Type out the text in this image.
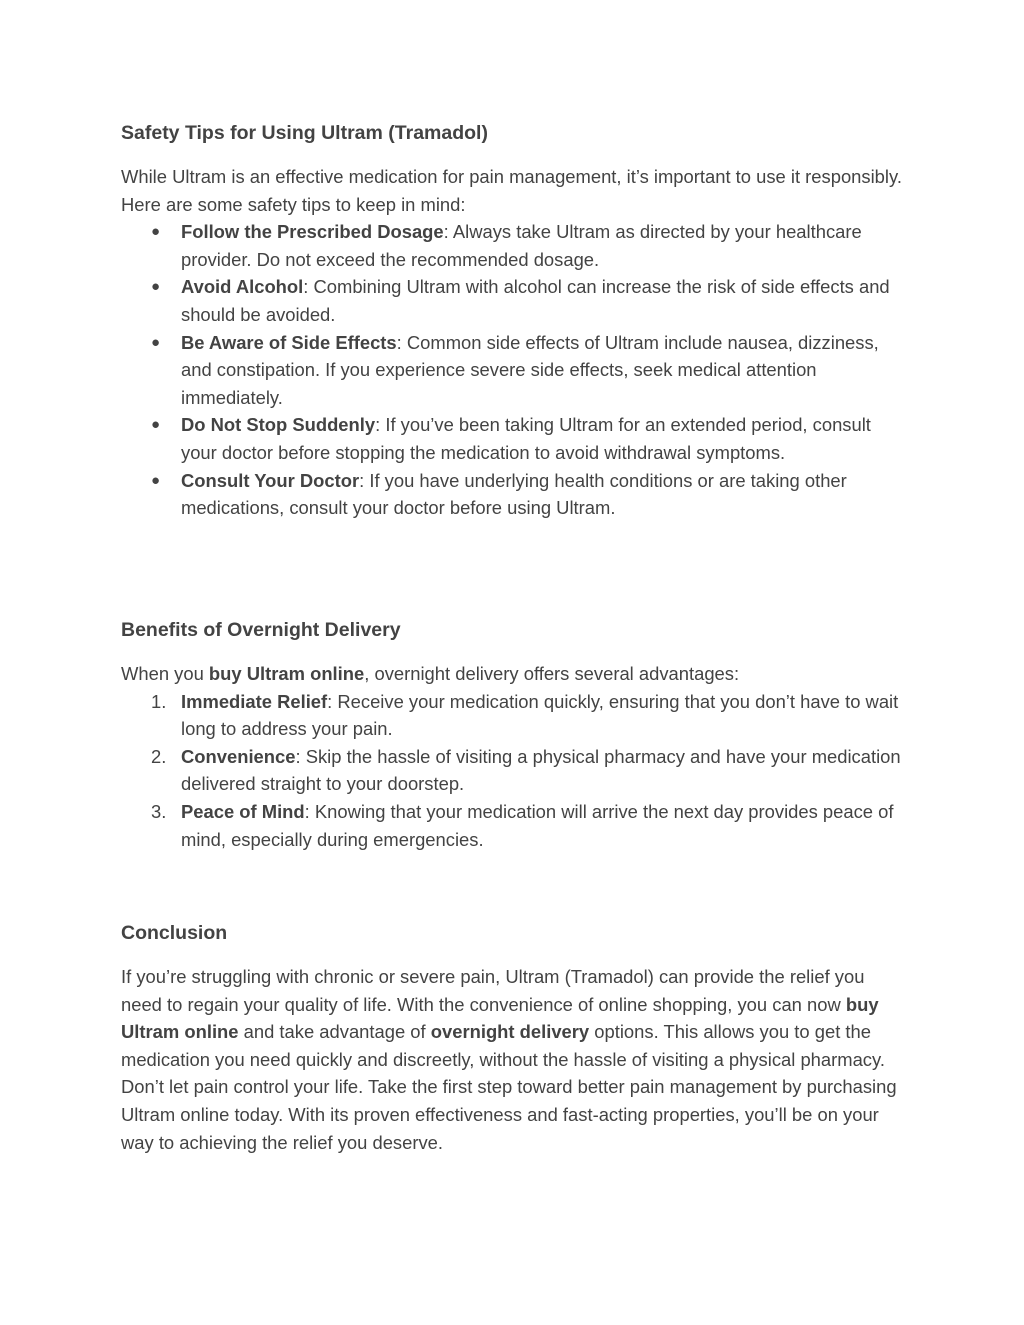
Safety Tips for Using Ultram (Tramadol)

While Ultram is an effective medication for pain management, it’s important to use it responsibly. Here are some safety tips to keep in mind:

● Follow the Prescribed Dosage: Always take Ultram as directed by your healthcare provider. Do not exceed the recommended dosage.
● Avoid Alcohol: Combining Ultram with alcohol can increase the risk of side effects and should be avoided.
● Be Aware of Side Effects: Common side effects of Ultram include nausea, dizziness, and constipation. If you experience severe side effects, seek medical attention immediately.
● Do Not Stop Suddenly: If you’ve been taking Ultram for an extended period, consult your doctor before stopping the medication to avoid withdrawal symptoms.
● Consult Your Doctor: If you have underlying health conditions or are taking other medications, consult your doctor before using Ultram.
Benefits of Overnight Delivery

When you buy Ultram online, overnight delivery offers several advantages:

1. Immediate Relief: Receive your medication quickly, ensuring that you don’t have to wait long to address your pain.
2. Convenience: Skip the hassle of visiting a physical pharmacy and have your medication delivered straight to your doorstep.
3. Peace of Mind: Knowing that your medication will arrive the next day provides peace of mind, especially during emergencies.
Conclusion

If you’re struggling with chronic or severe pain, Ultram (Tramadol) can provide the relief you need to regain your quality of life. With the convenience of online shopping, you can now buy Ultram online and take advantage of overnight delivery options. This allows you to get the medication you need quickly and discreetly, without the hassle of visiting a physical pharmacy.

Don’t let pain control your life. Take the first step toward better pain management by purchasing Ultram online today. With its proven effectiveness and fast-acting properties, you’ll be on your way to achieving the relief you deserve.
